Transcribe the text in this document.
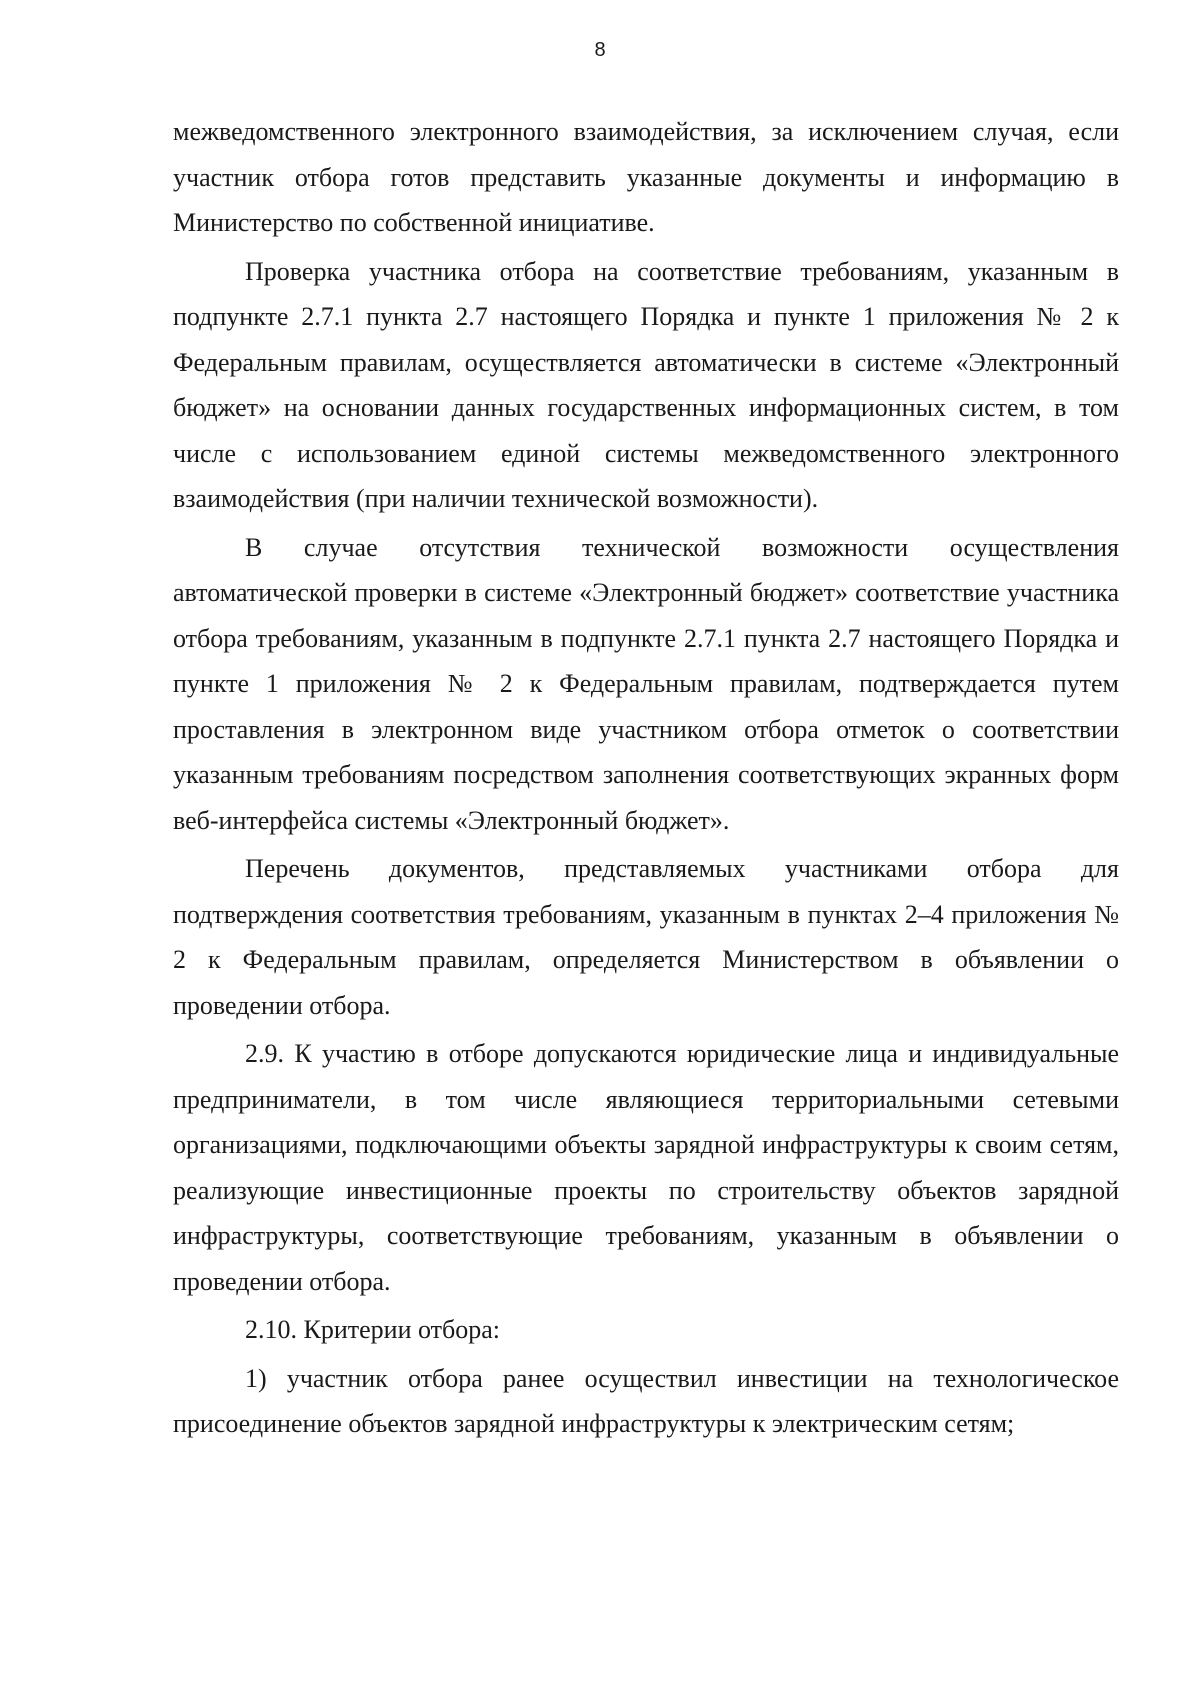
8

межведомственного электронного взаимодействия, за исключением случая, если участник отбора готов представить указанные документы и информацию в Министерство по собственной инициативе.

Проверка участника отбора на соответствие требованиям, указанным в подпункте 2.7.1 пункта 2.7 настоящего Порядка и пункте 1 приложения № 2 к Федеральным правилам, осуществляется автоматически в системе «Электронный бюджет» на основании данных государственных информационных систем, в том числе с использованием единой системы межведомственного электронного взаимодействия (при наличии технической возможности).

В случае отсутствия технической возможности осуществления автоматической проверки в системе «Электронный бюджет» соответствие участника отбора требованиям, указанным в подпункте 2.7.1 пункта 2.7 настоящего Порядка и пункте 1 приложения № 2 к Федеральным правилам, подтверждается путем проставления в электронном виде участником отбора отметок о соответствии указанным требованиям посредством заполнения соответствующих экранных форм веб-интерфейса системы «Электронный бюджет».

Перечень документов, представляемых участниками отбора для подтверждения соответствия требованиям, указанным в пунктах 2–4 приложения № 2 к Федеральным правилам, определяется Министерством в объявлении о проведении отбора.

2.9. К участию в отборе допускаются юридические лица и индивидуальные предприниматели, в том числе являющиеся территориальными сетевыми организациями, подключающими объекты зарядной инфраструктуры к своим сетям, реализующие инвестиционные проекты по строительству объектов зарядной инфраструктуры, соответствующие требованиям, указанным в объявлении о проведении отбора.

2.10. Критерии отбора:

1) участник отбора ранее осуществил инвестиции на технологическое присоединение объектов зарядной инфраструктуры к электрическим сетям;
